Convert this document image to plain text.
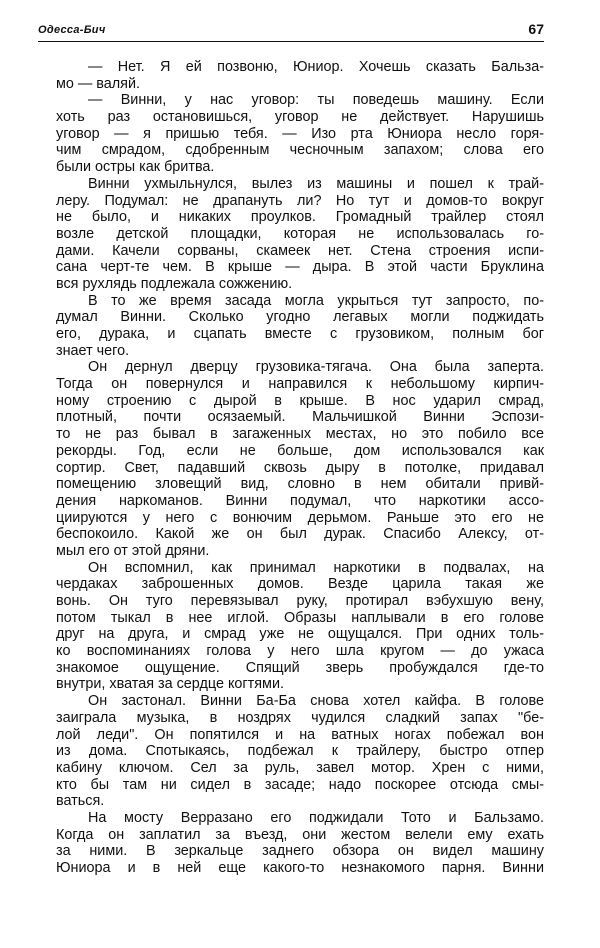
Одесса-Бич	67
— Нет. Я ей позвоню, Юниор. Хочешь сказать Бальза-
мо — валяй.
— Винни, у нас уговор: ты поведешь машину. Если
хоть раз остановишься, уговор не действует. Нарушишь
уговор — я пришью тебя. — Изо рта Юниора несло горя-
чим смрадом, сдобренным чесночным запахом; слова его
были остры как бритва.
Винни ухмыльнулся, вылез из машины и пошел к трай-
леру. Подумал: не драпануть ли? Но тут и домов-то вокруг
не было, и никаких проулков. Громадный трайлер стоял
возле детской площадки, которая не использовалась го-
дами. Качели сорваны, скамеек нет. Стена строения испи-
сана черт-те чем. В крыше — дыра. В этой части Бруклина
вся рухлядь подлежала сожжению.
В то же время засада могла укрыться тут запросто, по-
думал Винни. Сколько угодно легавых могли поджидать
его, дурака, и сцапать вместе с грузовиком, полным бог
знает чего.
Он дернул дверцу грузовика-тягача. Она была заперта.
Тогда он повернулся и направился к небольшому кирпич-
ному строению с дырой в крыше. В нос ударил смрад,
плотный, почти осязаемый. Мальчишкой Винни Эспози-
то не раз бывал в загаженных местах, но это побило все
рекорды. Год, если не больше, дом использовался как
сортир. Свет, падавший сквозь дыру в потолке, придавал
помещению зловещий вид, словно в нем обитали привй-
дения наркоманов. Винни подумал, что наркотики ассо-
циируются у него с вонючим дерьмом. Раньше это его не
беспокоило. Какой же он был дурак. Спасибо Алексу, от-
мыл его от этой дряни.
Он вспомнил, как принимал наркотики в подвалах, на
чердаках заброшенных домов. Везде царила такая же
вонь. Он туго перевязывал руку, протирал вэбухшую вену,
потом тыкал в нее иглой. Образы наплывали в его голове
друг на друга, и смрад уже не ощущался. При одних толь-
ко воспоминаниях голова у него шла кругом — до ужаса
знакомое ощущение. Спящий зверь пробуждался где-то
внутри, хватая за сердце когтями.
Он застонал. Винни Ба-Ба снова хотел кайфа. В голове
заиграла музыка, в ноздрях чудился сладкий запах "бе-
лой леди". Он попятился и на ватных ногах побежал вон
из дома. Спотыкаясь, подбежал к трайлеру, быстро отпер
кабину ключом. Сел за руль, завел мотор. Хрен с ними,
кто бы там ни сидел в засаде; надо поскорее отсюда смы-
ваться.
На мосту Верразано его поджидали Тото и Бальзамо.
Когда он заплатил за въезд, они жестом велели ему ехать
за ними. В зеркальце заднего обзора он видел машину
Юниора и в ней еще какого-то незнакомого парня. Винни
